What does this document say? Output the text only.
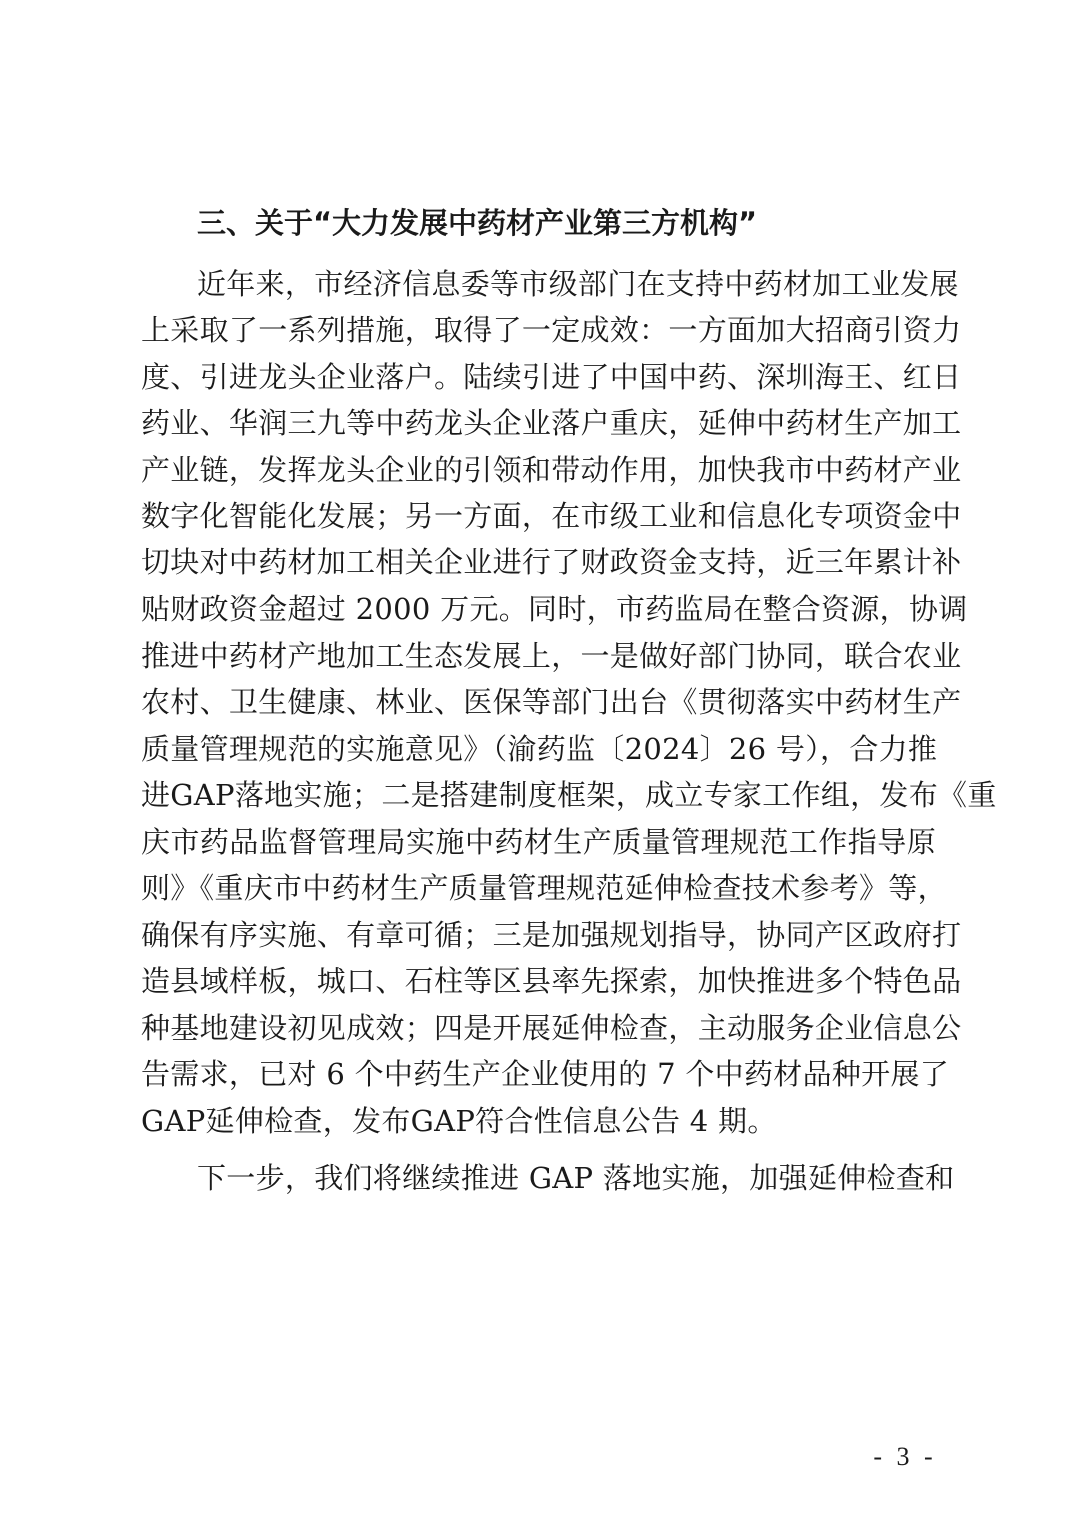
三、关于“大力发展中药材产业第三方机构”
近年来，市经济信息委等市级部门在支持中药材加工业发展
上采取了一系列措施，取得了一定成效：一方面加大招商引资力
度、引进龙头企业落户。陆续引进了中国中药、深圳海王、红日
药业、华润三九等中药龙头企业落户重庆，延伸中药材生产加工
产业链，发挥龙头企业的引领和带动作用，加快我市中药材产业
数字化智能化发展；另一方面，在市级工业和信息化专项资金中
切块对中药材加工相关企业进行了财政资金支持，近三年累计补
贴财政资金超过 2000 万元。同时，市药监局在整合资源，协调
推进中药材产地加工生态发展上，一是做好部门协同，联合农业
农村、卫生健康、林业、医保等部门出台《贯彻落实中药材生产
质量管理规范的实施意见》（渝药监〔2024〕26 号），合力推
进GAP落地实施；二是搭建制度框架，成立专家工作组，发布《重
庆市药品监督管理局实施中药材生产质量管理规范工作指导原
则》《重庆市中药材生产质量管理规范延伸检查技术参考》等，
确保有序实施、有章可循；三是加强规划指导，协同产区政府打
造县域样板，城口、石柱等区县率先探索，加快推进多个特色品
种基地建设初见成效；四是开展延伸检查，主动服务企业信息公
告需求，已对 6 个中药生产企业使用的 7 个中药材品种开展了
GAP延伸检查，发布GAP符合性信息公告 4 期。
下一步，我们将继续推进 GAP 落地实施，加强延伸检查和
- 3 -
